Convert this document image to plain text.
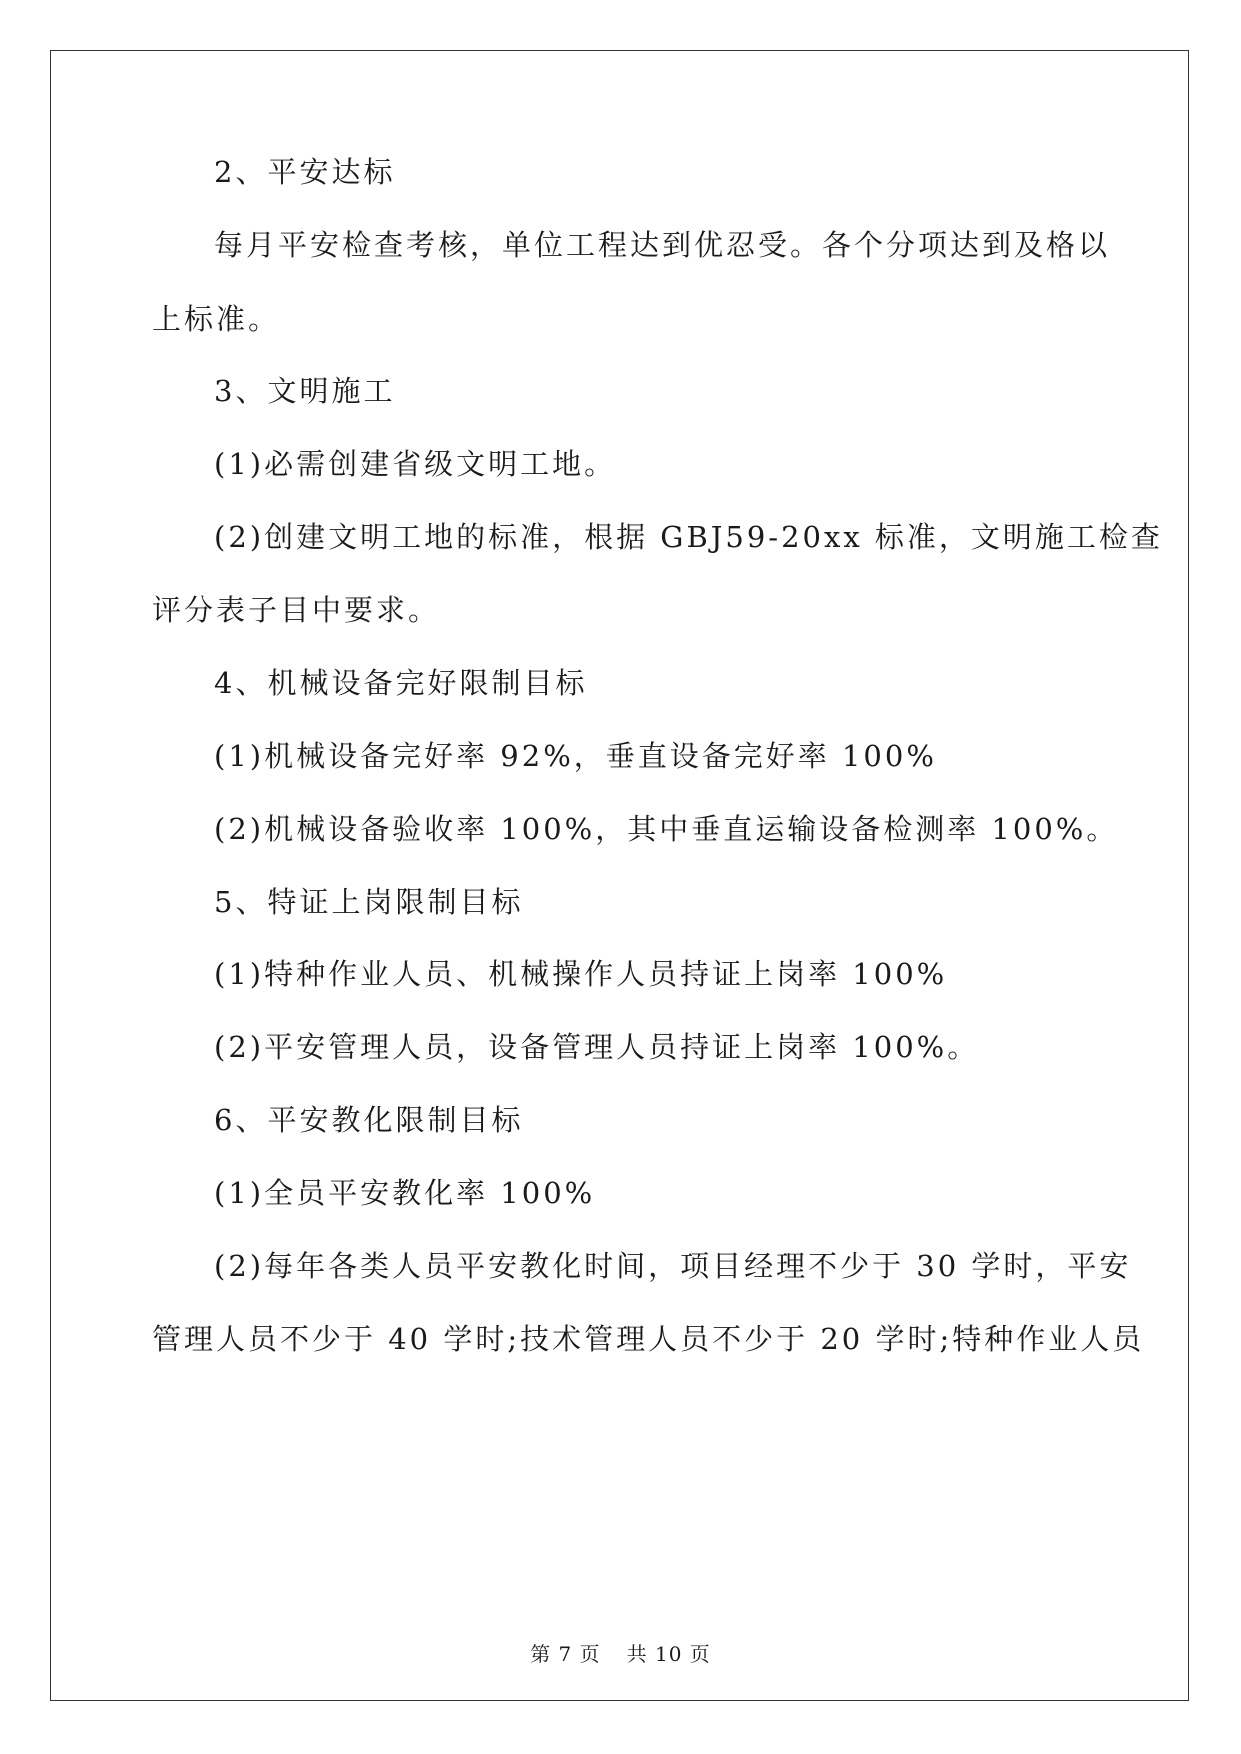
2、平安达标
每月平安检查考核，单位工程达到优忍受。各个分项达到及格以
上标准。
3、文明施工
(1)必需创建省级文明工地。
(2)创建文明工地的标准，根据 GBJ59-20xx 标准，文明施工检查
评分表子目中要求。
4、机械设备完好限制目标
(1)机械设备完好率 92%，垂直设备完好率 100%
(2)机械设备验收率 100%，其中垂直运输设备检测率 100%。
5、特证上岗限制目标
(1)特种作业人员、机械操作人员持证上岗率 100%
(2)平安管理人员，设备管理人员持证上岗率 100%。
6、平安教化限制目标
(1)全员平安教化率 100%
(2)每年各类人员平安教化时间，项目经理不少于 30 学时，平安
管理人员不少于 40 学时;技术管理人员不少于 20 学时;特种作业人员
第 7 页 共 10 页
